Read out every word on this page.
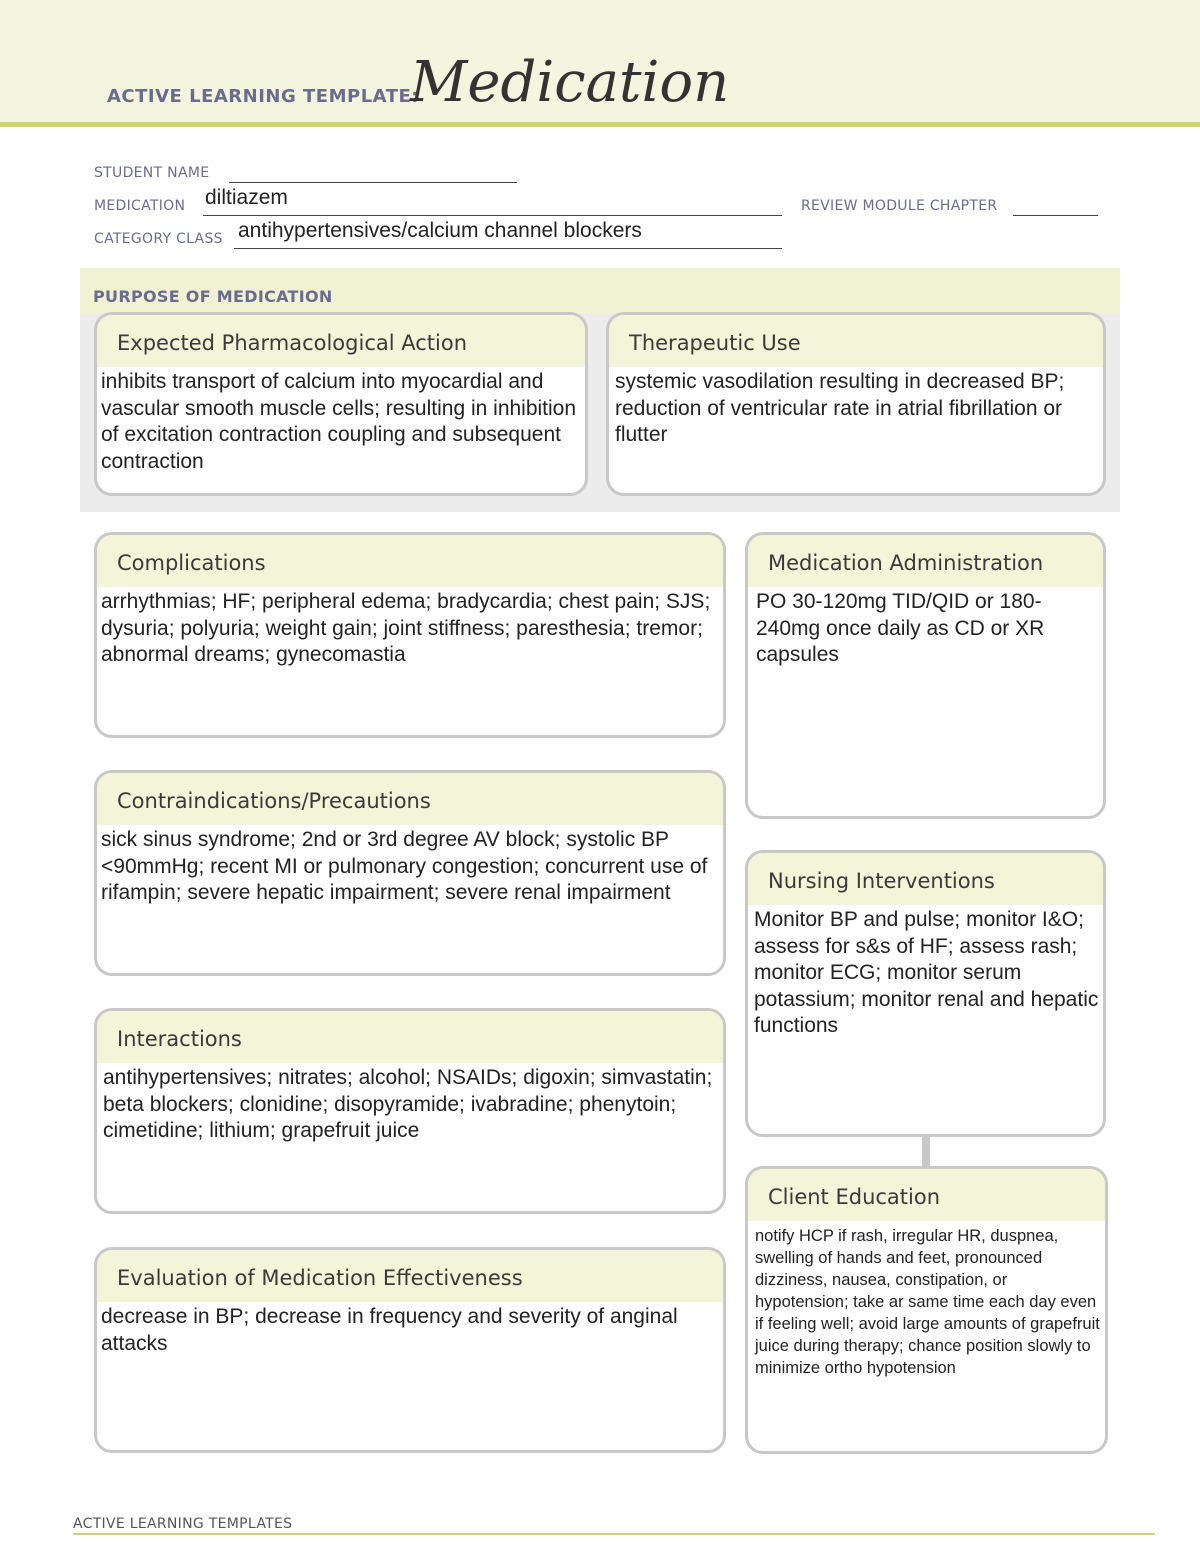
ACTIVE LEARNING TEMPLATE:
Medication
STUDENT NAME
MEDICATION diltiazem	REVIEW MODULE CHAPTER
CATEGORY CLASS antihypertensives/calcium channel blockers
PURPOSE OF MEDICATION
Expected Pharmacological Action
inhibits transport of calcium into myocardial and vascular smooth muscle cells; resulting in inhibition of excitation contraction coupling and subsequent contraction
Therapeutic Use
systemic vasodilation resulting in decreased BP; reduction of ventricular rate in atrial fibrillation or flutter
Complications
arrhythmias; HF; peripheral edema; bradycardia; chest pain; SJS; dysuria; polyuria; weight gain; joint stiffness; paresthesia; tremor; abnormal dreams; gynecomastia
Contraindications/Precautions
sick sinus syndrome; 2nd or 3rd degree AV block; systolic BP <90mmHg; recent MI or pulmonary congestion; concurrent use of rifampin; severe hepatic impairment; severe renal impairment
Interactions
antihypertensives; nitrates; alcohol; NSAIDs; digoxin; simvastatin; beta blockers; clonidine; disopyramide; ivabradine; phenytoin; cimetidine; lithium; grapefruit juice
Evaluation of Medication Effectiveness
decrease in BP; decrease in frequency and severity of anginal attacks
Medication Administration
PO 30-120mg TID/QID or 180-240mg once daily as CD or XR capsules
Nursing Interventions
Monitor BP and pulse; monitor I&O; assess for s&s of HF; assess rash; monitor ECG; monitor serum potassium; monitor renal and hepatic functions
Client Education
notify HCP if rash, irregular HR, duspnea, swelling of hands and feet, pronounced dizziness, nausea, constipation, or hypotension; take ar same time each day even if feeling well; avoid large amounts of grapefruit juice during therapy; chance position slowly to minimize ortho hypotension
ACTIVE LEARNING TEMPLATES
